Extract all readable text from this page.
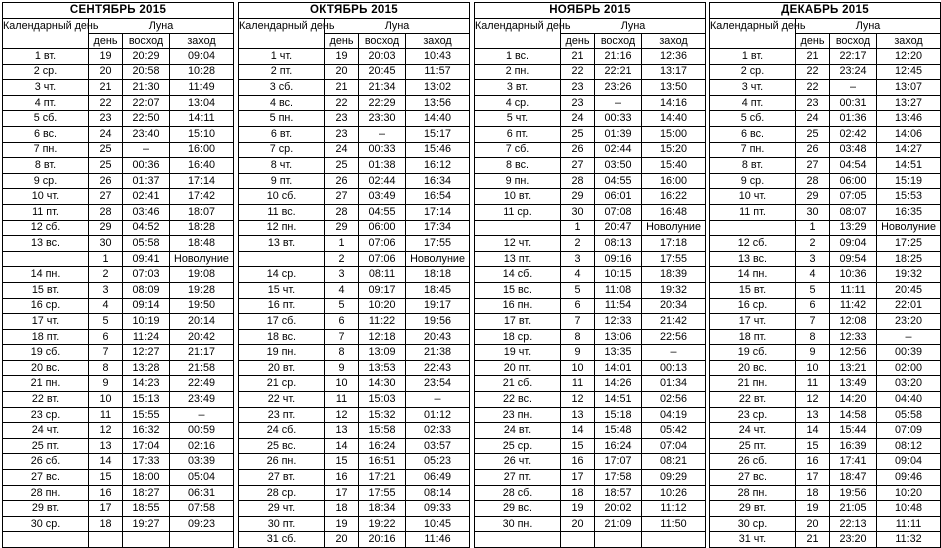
СЕНТЯБРЬ 2015			
Календарный день	Луна		
	день	восход	заход
1 вт.	19	20:29	09:04
2 ср.	20	20:58	10:28
3 чт.	21	21:30	11:49
4 пт.	22	22:07	13:04
5 сб.	23	22:50	14:11
6 вс.	24	23:40	15:10
7 пн.	25	–	16:00
8 вт.	25	00:36	16:40
9 ср.	26	01:37	17:14
10 чт.	27	02:41	17:42
11 пт.	28	03:46	18:07
12 сб.	29	04:52	18:28
13 вс.	30	05:58	18:48
	1	09:41	Новолуние
14 пн.	2	07:03	19:08
15 вт.	3	08:09	19:28
16 ср.	4	09:14	19:50
17 чт.	5	10:19	20:14
18 пт.	6	11:24	20:42
19 сб.	7	12:27	21:17
20 вс.	8	13:28	21:58
21 пн.	9	14:23	22:49
22 вт.	10	15:13	23:49
23 ср.	11	15:55	–
24 чт.	12	16:32	00:59
25 пт.	13	17:04	02:16
26 сб.	14	17:33	03:39
27 вс.	15	18:00	05:04
28 пн.	16	18:27	06:31
29 вт.	17	18:55	07:58
30 ср.	18	19:27	09:23

ОКТЯБРЬ 2015			
Календарный день	Луна		
	день	восход	заход
1 чт.	19	20:03	10:43
2 пт.	20	20:45	11:57
3 сб.	21	21:34	13:02
4 вс.	22	22:29	13:56
5 пн.	23	23:30	14:40
6 вт.	23	–	15:17
7 ср.	24	00:33	15:46
8 чт.	25	01:38	16:12
9 пт.	26	02:44	16:34
10 сб.	27	03:49	16:54
11 вс.	28	04:55	17:14
12 пн.	29	06:00	17:34
13 вт.	1	07:06	17:55
	2	07:06	Новолуние
14 ср.	3	08:11	18:18
15 чт.	4	09:17	18:45
16 пт.	5	10:20	19:17
17 сб.	6	11:22	19:56
18 вс.	7	12:18	20:43
19 пн.	8	13:09	21:38
20 вт.	9	13:53	22:43
21 ср.	10	14:30	23:54
22 чт.	11	15:03	–
23 пт.	12	15:32	01:12
24 сб.	13	15:58	02:33
25 вс.	14	16:24	03:57
26 пн.	15	16:51	05:23
27 вт.	16	17:21	06:49
28 ср.	17	17:55	08:14
29 чт.	18	18:34	09:33
30 пт.	19	19:22	10:45
31 сб.	20	20:16	11:46
НОЯБРЬ 2015			
Календарный день	Луна		
	день	восход	заход
1 вс.	21	21:16	12:36
2 пн.	22	22:21	13:17
3 вт.	23	23:26	13:50
4 ср.	23	–	14:16
5 чт.	24	00:33	14:40
6 пт.	25	01:39	15:00
7 сб.	26	02:44	15:20
8 вс.	27	03:50	15:40
9 пн.	28	04:55	16:00
10 вт.	29	06:01	16:22
11 ср.	30	07:08	16:48
	1	20:47	Новолуние
12 чт.	2	08:13	17:18
13 пт.	3	09:16	17:55
14 сб.	4	10:15	18:39
15 вс.	5	11:08	19:32
16 пн.	6	11:54	20:34
17 вт.	7	12:33	21:42
18 ср.	8	13:06	22:56
19 чт.	9	13:35	–
20 пт.	10	14:01	00:13
21 сб.	11	14:26	01:34
22 вс.	12	14:51	02:56
23 пн.	13	15:18	04:19
24 вт.	14	15:48	05:42
25 ср.	15	16:24	07:04
26 чт.	16	17:07	08:21
27 пт.	17	17:58	09:29
28 сб.	18	18:57	10:26
29 вс.	19	20:02	11:12
30 пн.	20	21:09	11:50

ДЕКАБРЬ 2015			
Календарный день	Луна		
	день	восход	заход
1 вт.	21	22:17	12:20
2 ср.	22	23:24	12:45
3 чт.	22	–	13:07
4 пт.	23	00:31	13:27
5 сб.	24	01:36	13:46
6 вс.	25	02:42	14:06
7 пн.	26	03:48	14:27
8 вт.	27	04:54	14:51
9 ср.	28	06:00	15:19
10 чт.	29	07:05	15:53
11 пт.	30	08:07	16:35
	1	13:29	Новолуние
12 сб.	2	09:04	17:25
13 вс.	3	09:54	18:25
14 пн.	4	10:36	19:32
15 вт.	5	11:11	20:45
16 ср.	6	11:42	22:01
17 чт.	7	12:08	23:20
18 пт.	8	12:33	–
19 сб.	9	12:56	00:39
20 вс.	10	13:21	02:00
21 пн.	11	13:49	03:20
22 вт.	12	14:20	04:40
23 ср.	13	14:58	05:58
24 чт.	14	15:44	07:09
25 пт.	15	16:39	08:12
26 сб.	16	17:41	09:04
27 вс.	17	18:47	09:46
28 пн.	18	19:56	10:20
29 вт.	19	21:05	10:48
30 ср.	20	22:13	11:11
31 чт.	21	23:20	11:32
